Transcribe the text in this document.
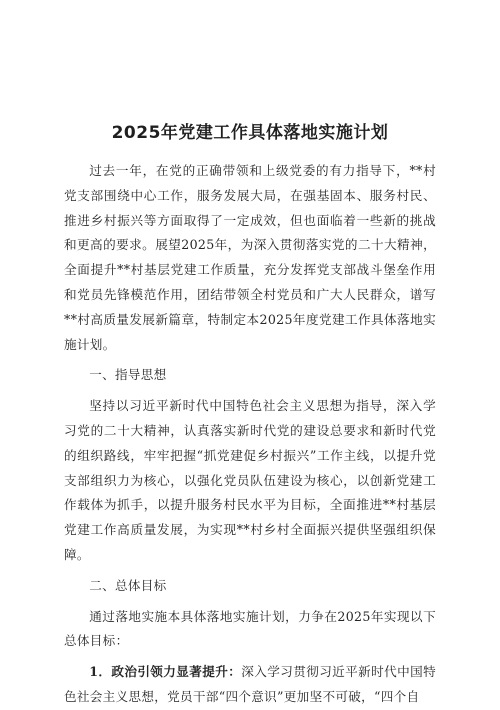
2025年党建工作具体落地实施计划

过去一年，在党的正确带领和上级党委的有力指导下，**村党支部围绕中心工作，服务发展大局，在强基固本、服务村民、推进乡村振兴等方面取得了一定成效，但也面临着一些新的挑战和更高的要求。展望2025年，为深入贯彻落实党的二十大精神，全面提升**村基层党建工作质量，充分发挥党支部战斗堡垒作用和党员先锋模范作用，团结带领全村党员和广大人民群众，谱写**村高质量发展新篇章，特制定本2025年度党建工作具体落地实施计划。

一、指导思想

坚持以习近平新时代中国特色社会主义思想为指导，深入学习党的二十大精神，认真落实新时代党的建设总要求和新时代党的组织路线，牢牢把握“抓党建促乡村振兴”工作主线，以提升党支部组织力为核心，以强化党员队伍建设为核心，以创新党建工作载体为抓手，以提升服务村民水平为目标，全面推进**村基层党建工作高质量发展，为实现**村乡村全面振兴提供坚强组织保障。

二、总体目标

通过落地实施本具体落地实施计划，力争在2025年实现以下总体目标：

1．政治引领力显著提升：深入学习贯彻习近平新时代中国特色社会主义思想，党员干部“四个意识”更加坚不可破，“四个自
